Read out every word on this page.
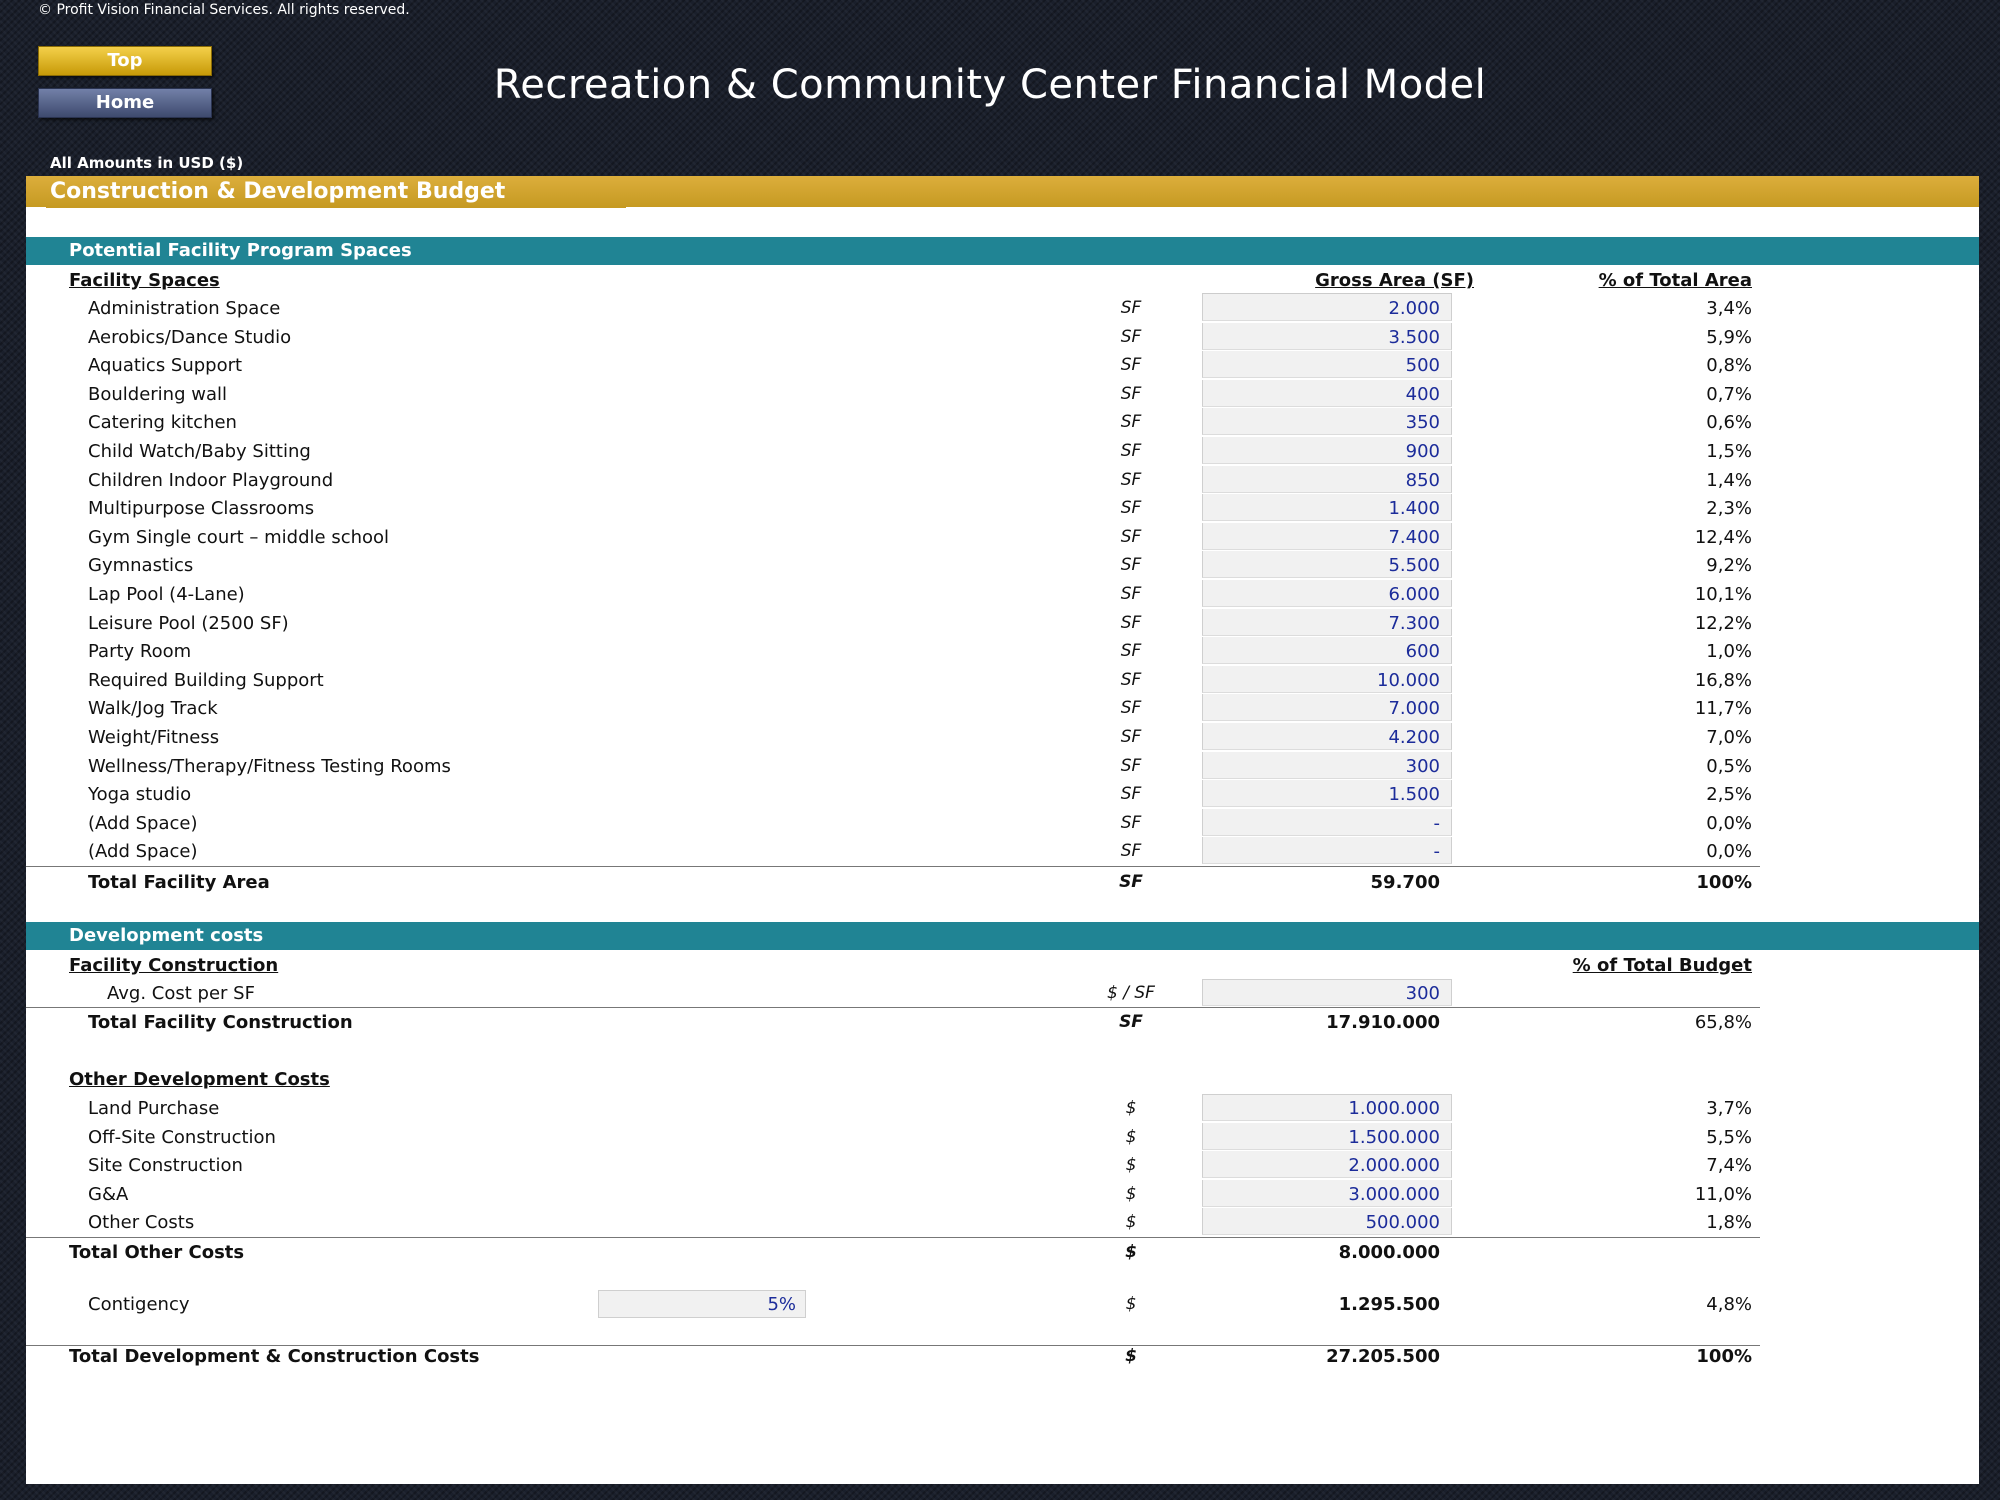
© Profit Vision Financial Services. All rights reserved.
Top
Home	Recreation & Community Center Financial Model
All Amounts in USD ($)
Construction & Development Budget
Potential Facility Program Spaces
Facility Spaces	Gross Area (SF)	% of Total Area
Administration Space	SF	2.000	3,4%
Aerobics/Dance Studio	SF	3.500	5,9%
Aquatics Support	SF	500	0,8%
Bouldering wall	SF	400	0,7%
Catering kitchen	SF	350	0,6%
Child Watch/Baby Sitting	SF	900	1,5%
Children Indoor Playground	SF	850	1,4%
Multipurpose Classrooms	SF	1.400	2,3%
Gym Single court – middle school	SF	7.400	12,4%
Gymnastics	SF	5.500	9,2%
Lap Pool (4-Lane)	SF	6.000	10,1%
Leisure Pool (2500 SF)	SF	7.300	12,2%
Party Room	SF	600	1,0%
Required Building Support	SF	10.000	16,8%
Walk/Jog Track	SF	7.000	11,7%
Weight/Fitness	SF	4.200	7,0%
Wellness/Therapy/Fitness Testing Rooms	SF	300	0,5%
Yoga studio	SF	1.500	2,5%
(Add Space)	SF	-	0,0%
(Add Space)	SF	-	0,0%
Total Facility Area	SF	59.700	100%
Development costs
Facility Construction	% of Total Budget
Avg. Cost per SF	$ / SF	300
Total Facility Construction	SF	17.910.000	65,8%
Other Development Costs
Land Purchase	$	1.000.000	3,7%
Off-Site Construction	$	1.500.000	5,5%
Site Construction	$	2.000.000	7,4%
G&A	$	3.000.000	11,0%
Other Costs	$	500.000	1,8%
Total Other Costs	$	8.000.000
Contigency	5%	$	1.295.500	4,8%
Total Development & Construction Costs	$	27.205.500	100%
